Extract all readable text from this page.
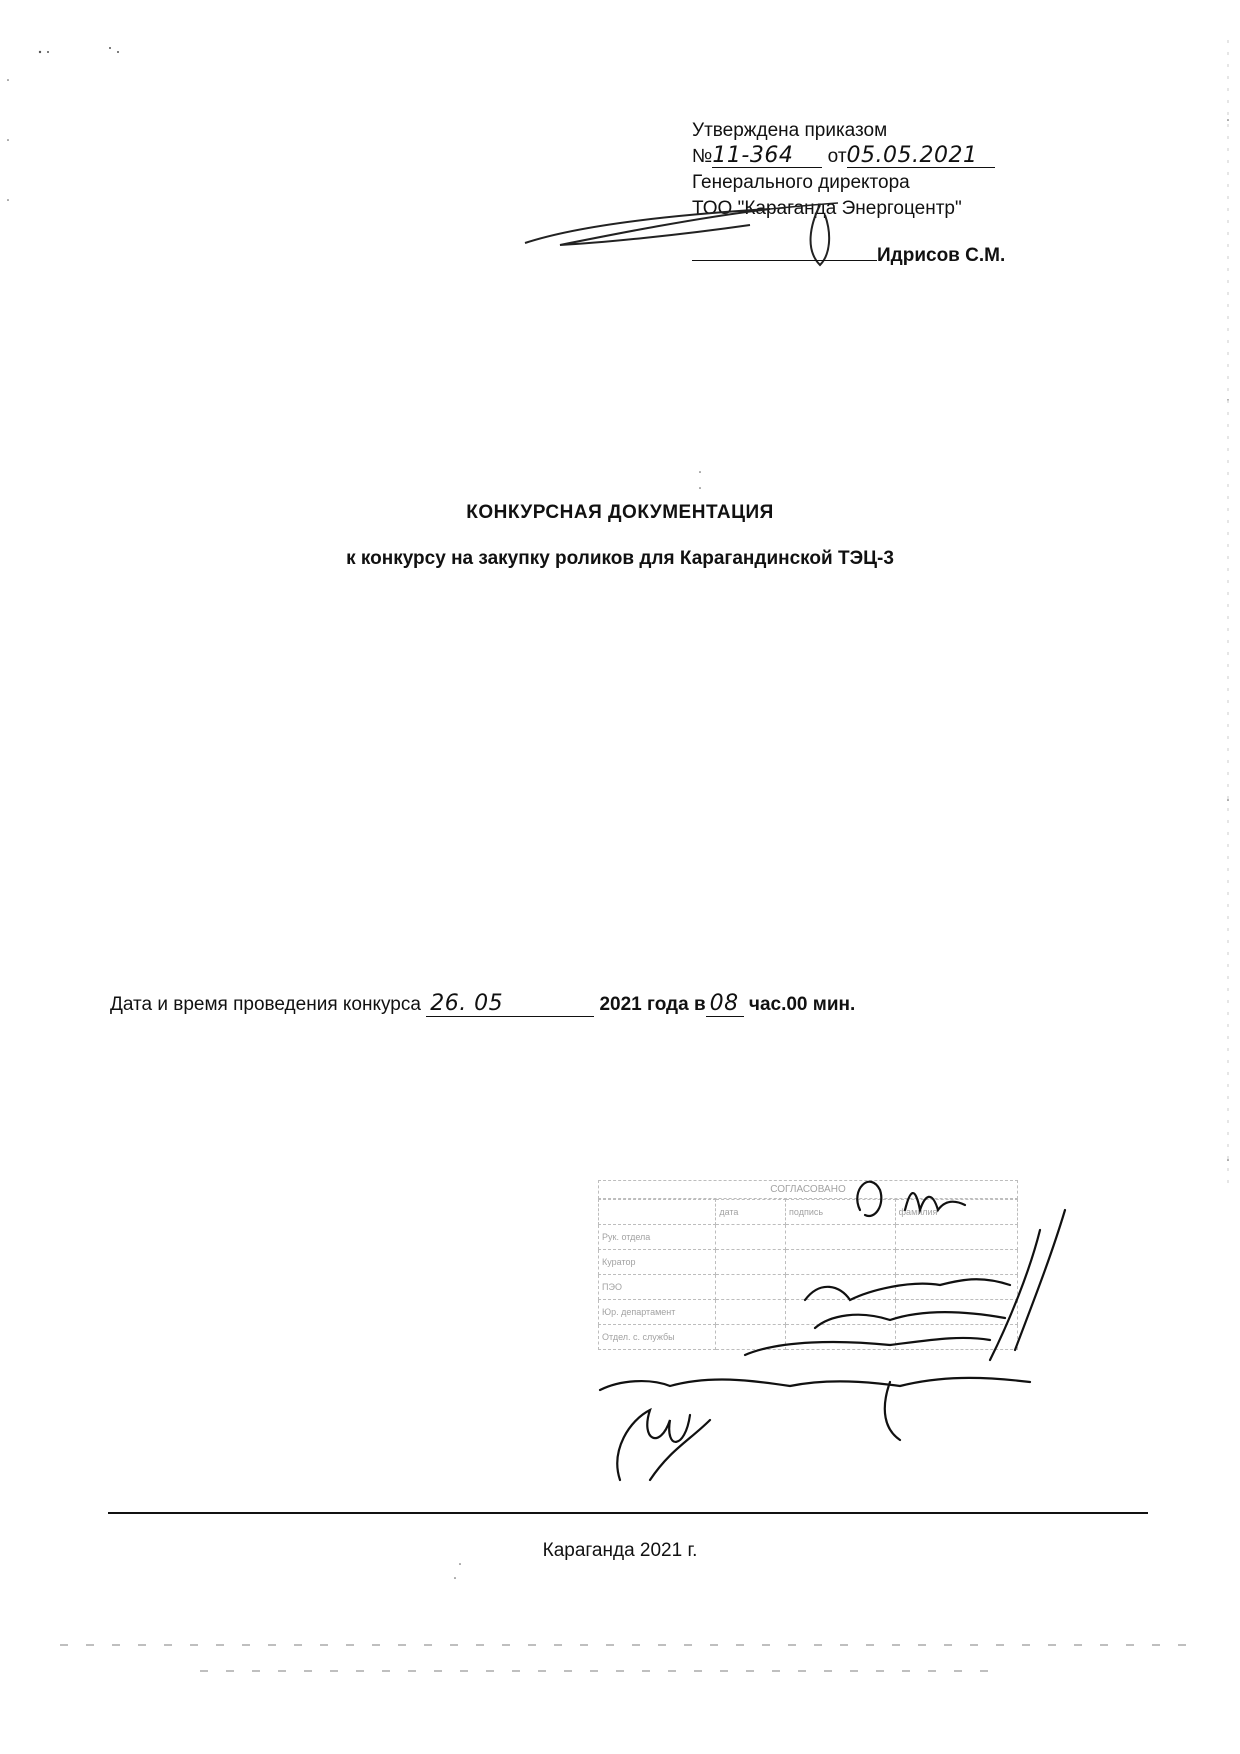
Утверждена приказом
№11-364 от05.05.2021
Генерального директора
ТОО "Караганда Энергоцентр"
Идрисов С.М.
КОНКУРСНАЯ ДОКУМЕНТАЦИЯ
к конкурсу на закупку роликов для Карагандинской ТЭЦ-3
Дата и время проведения конкурса 26. 05	2021 года в 08 час.00 мин.
СОГЛАСОВАНО
	дата	подпись	фамилия
Рук. отдела			
Куратор			
ПЭО			
Юр. департамент			
Отдел. с. службы			
Караганда 2021 г.
